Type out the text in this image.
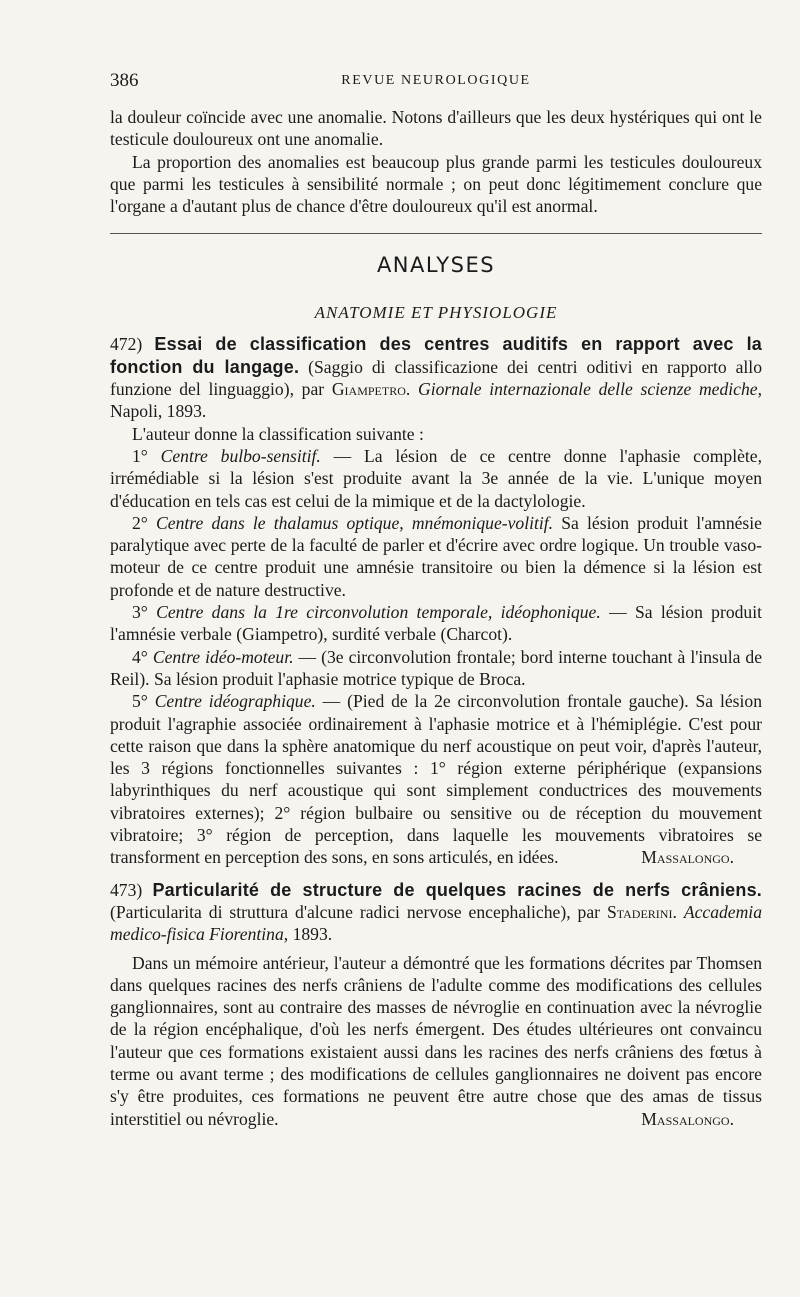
386	REVUE NEUROLOGIQUE

la douleur coïncide avec une anomalie. Notons d'ailleurs que les deux hystériques qui ont le testicule douloureux ont une anomalie.

La proportion des anomalies est beaucoup plus grande parmi les testicules douloureux que parmi les testicules à sensibilité normale ; on peut donc légitimement conclure que l'organe a d'autant plus de chance d'être douloureux qu'il est anormal.

ANALYSES
ANATOMIE ET PHYSIOLOGIE

472) Essai de classification des centres auditifs en rapport avec la fonction du langage. (Saggio di classificazione dei centri oditivi en rapporto allo funzione del linguaggio), par Giampetro. Giornale internazionale delle scienze mediche, Napoli, 1893.

L'auteur donne la classification suivante :

1° Centre bulbo-sensitif. — La lésion de ce centre donne l'aphasie complète, irrémédiable si la lésion s'est produite avant la 3e année de la vie. L'unique moyen d'éducation en tels cas est celui de la mimique et de la dactylologie.

2° Centre dans le thalamus optique, mnémonique-volitif. Sa lésion produit l'amnésie paralytique avec perte de la faculté de parler et d'écrire avec ordre logique. Un trouble vaso-moteur de ce centre produit une amnésie transitoire ou bien la démence si la lésion est profonde et de nature destructive.

3° Centre dans la 1re circonvolution temporale, idéophonique. — Sa lésion produit l'amnésie verbale (Giampetro), surdité verbale (Charcot).

4° Centre idéo-moteur. — (3e circonvolution frontale; bord interne touchant à l'insula de Reil). Sa lésion produit l'aphasie motrice typique de Broca.

5° Centre idéographique. — (Pied de la 2e circonvolution frontale gauche). Sa lésion produit l'agraphie associée ordinairement à l'aphasie motrice et à l'hémiplégie. C'est pour cette raison que dans la sphère anatomique du nerf acoustique on peut voir, d'après l'auteur, les 3 régions fonctionnelles suivantes : 1° région externe périphérique (expansions labyrinthiques du nerf acoustique qui sont simplement conductrices des mouvements vibratoires externes); 2° région bulbaire ou sensitive ou de réception du mouvement vibratoire; 3° région de perception, dans laquelle les mouvements vibratoires se transforment en perception des sons, en sons articulés, en idées.	Massalongo.

473) Particularité de structure de quelques racines de nerfs crâniens. (Particularita di struttura d'alcune radici nervose encephaliche), par Staderini. Accademia medico-fisica Fiorentina, 1893.

Dans un mémoire antérieur, l'auteur a démontré que les formations décrites par Thomsen dans quelques racines des nerfs crâniens de l'adulte comme des modifications des cellules ganglionnaires, sont au contraire des masses de névroglie en continuation avec la névroglie de la région encéphalique, d'où les nerfs émergent. Des études ultérieures ont convaincu l'auteur que ces formations existaient aussi dans les racines des nerfs crâniens des fœtus à terme ou avant terme ; des modifications de cellules ganglionnaires ne doivent pas encore s'y être produites, ces formations ne peuvent être autre chose que des amas de tissus interstitiel ou névroglie.	Massalongo.
